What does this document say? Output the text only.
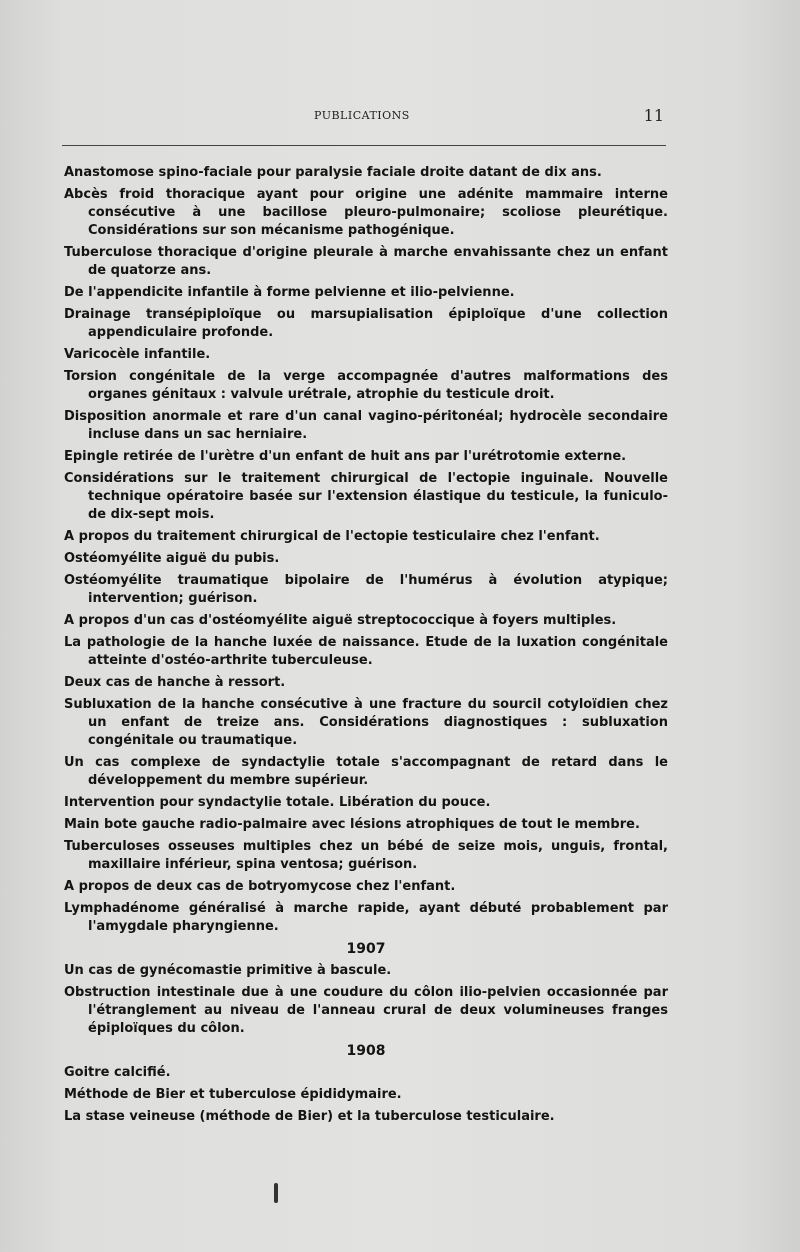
PUBLICATIONS	11

Anastomose spino-faciale pour paralysie faciale droite datant de dix ans.

Abcès froid thoracique ayant pour origine une adénite mammaire interne consécutive à une bacillose pleuro-pulmonaire; scoliose pleurétique. Considérations sur son mécanisme pathogénique.

Tuberculose thoracique d'origine pleurale à marche envahissante chez un enfant de quatorze ans.

De l'appendicite infantile à forme pelvienne et ilio-pelvienne.

Drainage transépiploïque ou marsupialisation épiploïque d'une collection appendiculaire profonde.

Varicocèle infantile.

Torsion congénitale de la verge accompagnée d'autres malformations des organes génitaux : valvule urétrale, atrophie du testicule droit.

Disposition anormale et rare d'un canal vagino-péritonéal; hydrocèle secondaire incluse dans un sac herniaire.

Epingle retirée de l'urètre d'un enfant de huit ans par l'urétrotomie externe.

Considérations sur le traitement chirurgical de l'ectopie inguinale. Nouvelle technique opératoire basée sur l'extension élastique du testicule, la funiculo-de dix-sept mois.

A propos du traitement chirurgical de l'ectopie testiculaire chez l'enfant.

Ostéomyélite aiguë du pubis.

Ostéomyélite traumatique bipolaire de l'humérus à évolution atypique; intervention; guérison.

A propos d'un cas d'ostéomyélite aiguë streptococcique à foyers multiples.

La pathologie de la hanche luxée de naissance. Etude de la luxation congénitale atteinte d'ostéo-arthrite tuberculeuse.

Deux cas de hanche à ressort.

Subluxation de la hanche consécutive à une fracture du sourcil cotyloïdien chez un enfant de treize ans. Considérations diagnostiques : subluxation congénitale ou traumatique.

Un cas complexe de syndactylie totale s'accompagnant de retard dans le développement du membre supérieur.

Intervention pour syndactylie totale. Libération du pouce.

Main bote gauche radio-palmaire avec lésions atrophiques de tout le membre.

Tuberculoses osseuses multiples chez un bébé de seize mois, unguis, frontal, maxillaire inférieur, spina ventosa; guérison.

A propos de deux cas de botryomycose chez l'enfant.

Lymphadénome généralisé à marche rapide, ayant débuté probablement par l'amygdale pharyngienne.

1907

Un cas de gynécomastie primitive à bascule.

Obstruction intestinale due à une coudure du côlon ilio-pelvien occasionnée par l'étranglement au niveau de l'anneau crural de deux volumineuses franges épiploïques du côlon.

1908

Goitre calcifié.

Méthode de Bier et tuberculose épididymaire.

La stase veineuse (méthode de Bier) et la tuberculose testiculaire.
